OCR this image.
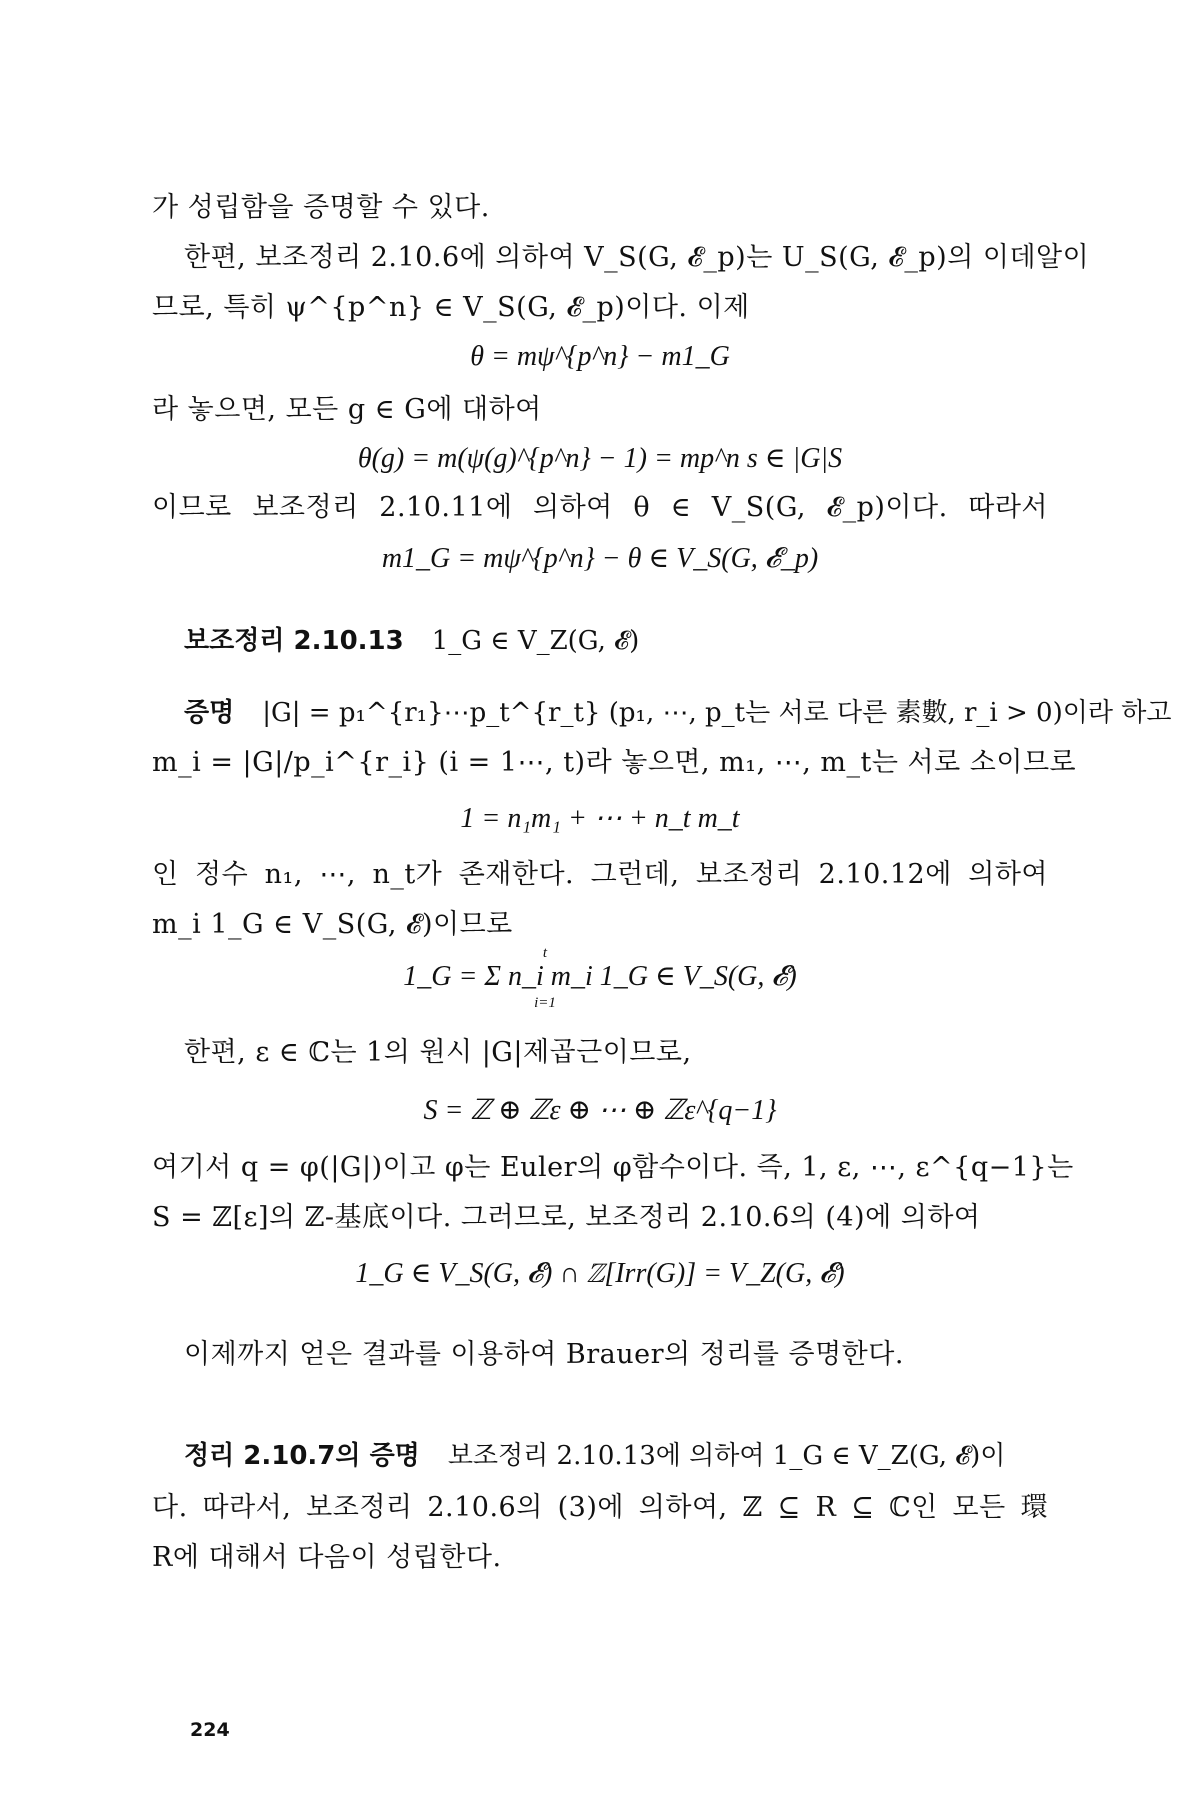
가 성립함을 증명할 수 있다.
한편, 보조정리 2.10.6에 의하여 V_S(G, 𝓔_p)는 U_S(G, 𝓔_p)의 이데알이
므로, 특히 ψ^{p^n} ∈ V_S(G, 𝓔_p)이다. 이제
θ = mψ^{p^n} − m1_G
라 놓으면, 모든 g ∈ G에 대하여
θ(g) = m(ψ(g)^{p^n} − 1) = mp^n s ∈ |G|S
이므로 보조정리 2.10.11에 의하여 θ ∈ V_S(G, 𝓔_p)이다. 따라서
m1_G = mψ^{p^n} − θ ∈ V_S(G, 𝓔_p)
보조정리 2.10.13 1_G ∈ V_Z(G, 𝓔)
증명 |G| = p₁^{r₁}⋯p_t^{r_t} (p₁, ⋯, p_t는 서로 다른 素數, r_i > 0)이라 하고
m_i = |G|/p_i^{r_i} (i = 1⋯, t)라 놓으면, m₁, ⋯, m_t는 서로 소이므로
1 = n₁m₁ + ⋯ + n_t m_t
인 정수 n₁, ⋯, n_t가 존재한다. 그런데, 보조정리 2.10.12에 의하여
m_i 1_G ∈ V_S(G, 𝓔)이므로
t
1_G = Σ n_i m_i 1_G ∈ V_S(G, 𝓔)
i=1
한편, ε ∈ ℂ는 1의 원시 |G|제곱근이므로,
S = ℤ ⊕ ℤε ⊕ ⋯ ⊕ ℤε^{q−1}
여기서 q = φ(|G|)이고 φ는 Euler의 φ함수이다. 즉, 1, ε, ⋯, ε^{q−1}는
S = ℤ[ε]의 ℤ-基底이다. 그러므로, 보조정리 2.10.6의 (4)에 의하여
1_G ∈ V_S(G, 𝓔) ∩ ℤ[Irr(G)] = V_Z(G, 𝓔)
이제까지 얻은 결과를 이용하여 Brauer의 정리를 증명한다.
정리 2.10.7의 증명 보조정리 2.10.13에 의하여 1_G ∈ V_Z(G, 𝓔)이
다. 따라서, 보조정리 2.10.6의 (3)에 의하여, ℤ ⊆ R ⊆ ℂ인 모든 環
R에 대해서 다음이 성립한다.
224
